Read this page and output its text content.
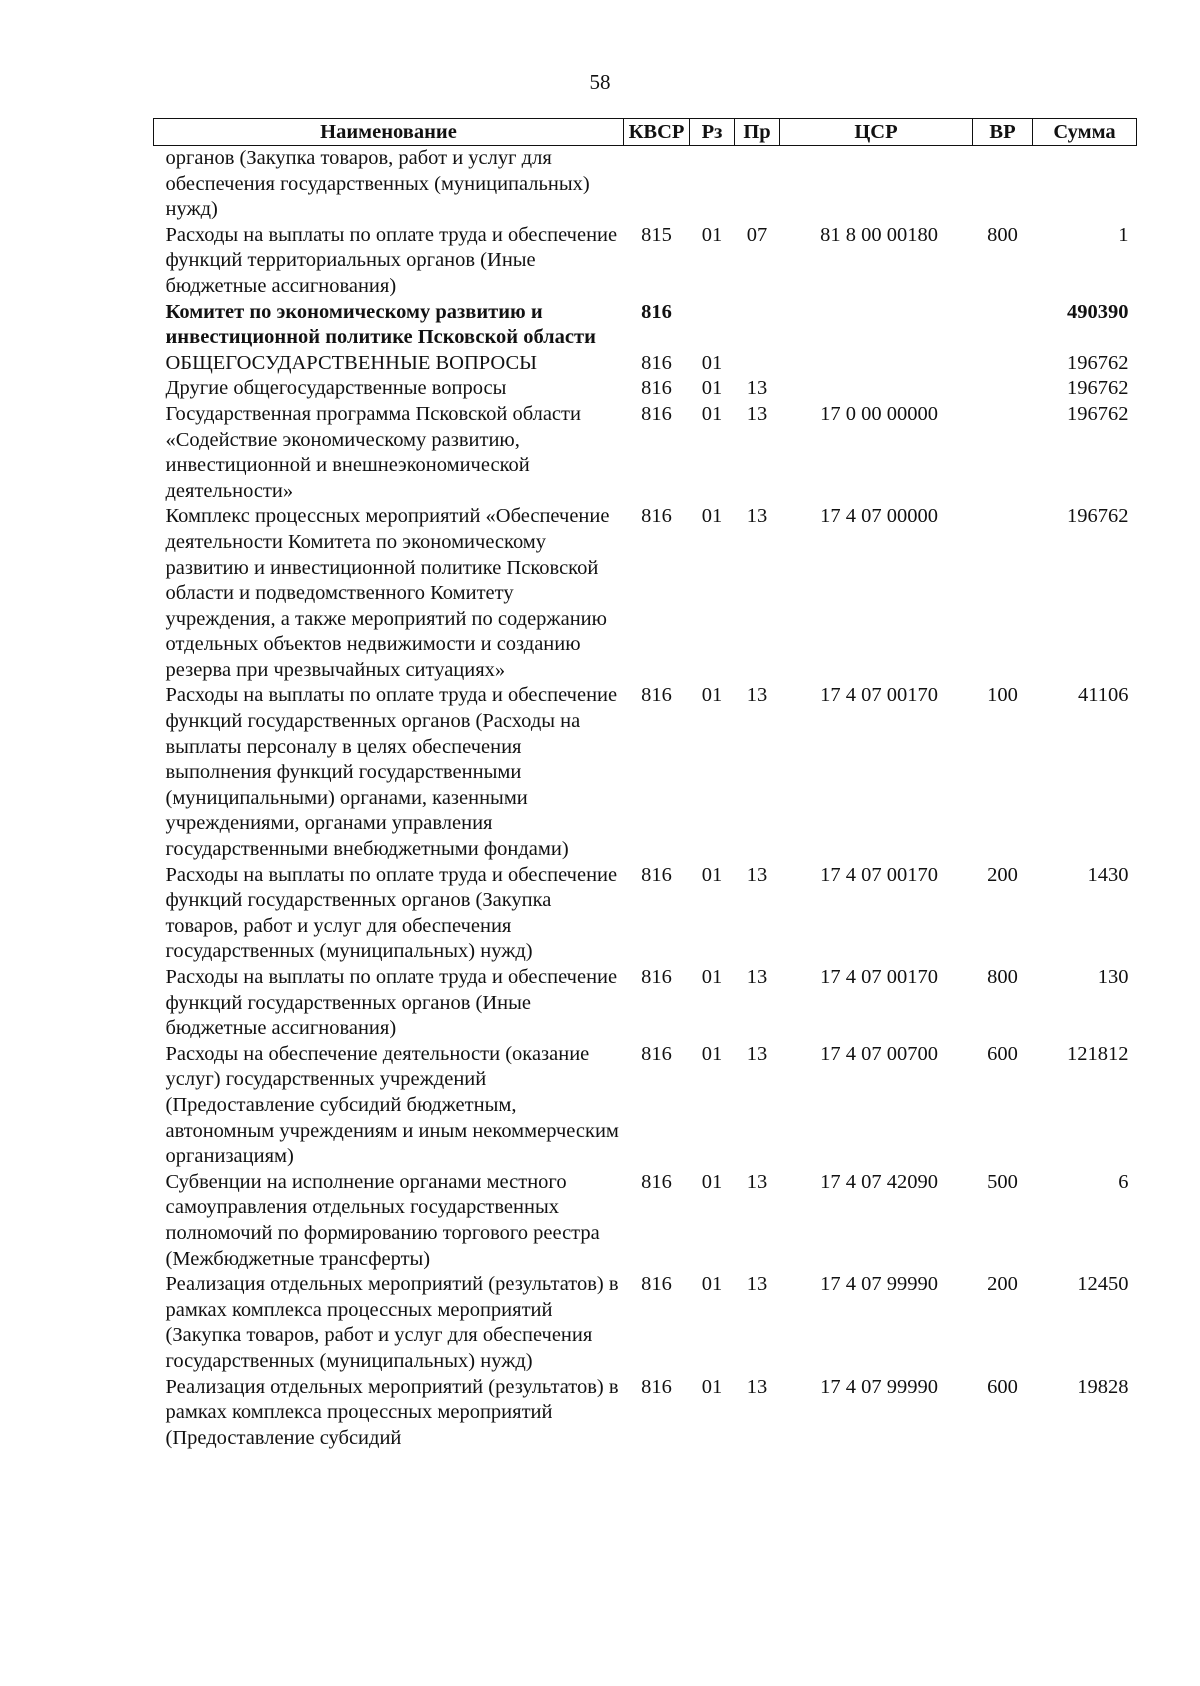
58
Наименование	КВСР	Рз	Пр	ЦСР	ВР	Сумма
органов (Закупка товаров, работ и услуг для обеспечения государственных (муниципальных) нужд)						
Расходы на выплаты по оплате труда и обеспечение функций территориальных органов (Иные бюджетные ассигнования)	815	01	07	81 8 00 00180	800	1
Комитет по экономическому развитию и инвестиционной политике Псковской области	816					490390
ОБЩЕГОСУДАРСТВЕННЫЕ ВОПРОСЫ	816	01				196762
Другие общегосударственные вопросы	816	01	13			196762
Государственная программа Псковской области «Содействие экономическому развитию, инвестиционной и внешнеэкономической деятельности»	816	01	13	17 0 00 00000		196762
Комплекс процессных мероприятий «Обеспечение деятельности Комитета по экономическому развитию и инвестиционной политике Псковской области и подведомственного Комитету учреждения, а также мероприятий по содержанию отдельных объектов недвижимости и созданию резерва при чрезвычайных ситуациях»	816	01	13	17 4 07 00000		196762
Расходы на выплаты по оплате труда и обеспечение функций государственных органов (Расходы на выплаты персоналу в целях обеспечения выполнения функций государственными (муниципальными) органами, казенными учреждениями, органами управления государственными внебюджетными фондами)	816	01	13	17 4 07 00170	100	41106
Расходы на выплаты по оплате труда и обеспечение функций государственных органов (Закупка товаров, работ и услуг для обеспечения государственных (муниципальных) нужд)	816	01	13	17 4 07 00170	200	1430
Расходы на выплаты по оплате труда и обеспечение функций государственных органов (Иные бюджетные ассигнования)	816	01	13	17 4 07 00170	800	130
Расходы на обеспечение деятельности (оказание услуг) государственных учреждений (Предоставление субсидий бюджетным, автономным учреждениям и иным некоммерческим организациям)	816	01	13	17 4 07 00700	600	121812
Субвенции на исполнение органами местного самоуправления отдельных государственных полномочий по формированию торгового реестра (Межбюджетные трансферты)	816	01	13	17 4 07 42090	500	6
Реализация отдельных мероприятий (результатов) в рамках комплекса процессных мероприятий (Закупка товаров, работ и услуг для обеспечения государственных (муниципальных) нужд)	816	01	13	17 4 07 99990	200	12450
Реализация отдельных мероприятий (результатов) в рамках комплекса процессных мероприятий (Предоставление субсидий	816	01	13	17 4 07 99990	600	19828
